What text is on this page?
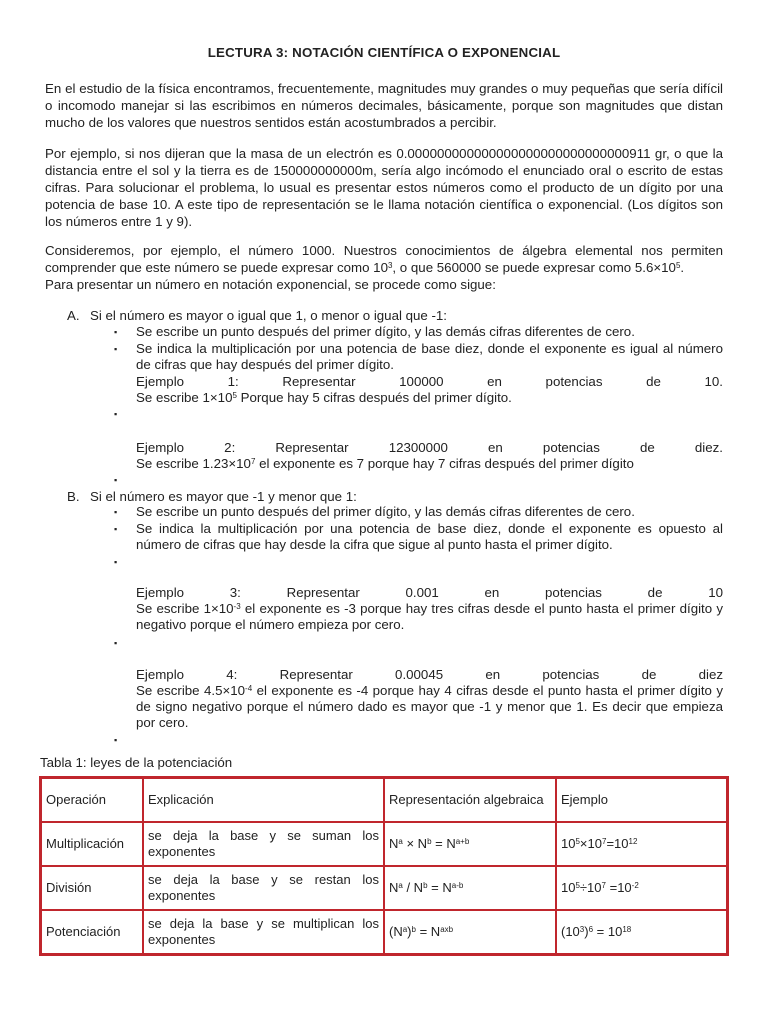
LECTURA 3: NOTACIÓN CIENTÍFICA O EXPONENCIAL

En el estudio de la física encontramos, frecuentemente, magnitudes muy grandes o muy pequeñas que sería difícil o incomodo manejar si las escribimos en números decimales, básicamente, porque son magnitudes que distan mucho de los valores que nuestros sentidos están acostumbrados a percibir.

Por ejemplo, si nos dijeran que la masa de un electrón es 0.000000000000000000000000000000911 gr, o que la distancia entre el sol y la tierra es de 150000000000m, sería algo incómodo el enunciado oral o escrito de estas cifras. Para solucionar el problema, lo usual es presentar estos números como el producto de un dígito por una potencia de base 10. A este tipo de representación se le llama notación científica o exponencial. (Los dígitos son los números entre 1 y 9).

Consideremos, por ejemplo, el número 1000. Nuestros conocimientos de álgebra elemental nos permiten comprender que este número se puede expresar como $10^3$, o que 560000 se puede expresar como $5.6\times 10^5$.
Para presentar un número en notación exponencial, se procede como sigue:

A. Si el número es mayor o igual que 1, o menor o igual que -1:
▪ Se escribe un punto después del primer dígito, y las demás cifras diferentes de cero.
▪ Se indica la multiplicación por una potencia de base diez, donde el exponente es igual al número de cifras que hay después del primer dígito.
Ejemplo 1: Representar 100000 en potencias de 10.
Se escribe $1\times 10^5$ Porque hay 5 cifras después del primer dígito.
▪
Ejemplo 2: Representar 12300000 en potencias de diez.
Se escribe $1.23\times 10^7$ el exponente es 7 porque hay 7 cifras después del primer dígito
▪
B. Si el número es mayor que -1 y menor que 1:
▪ Se escribe un punto después del primer dígito, y las demás cifras diferentes de cero.
▪ Se indica la multiplicación por una potencia de base diez, donde el exponente es opuesto al número de cifras que hay desde la cifra que sigue al punto hasta el primer dígito.
▪
Ejemplo 3: Representar 0.001 en potencias de 10
Se escribe $1\times 10^{-3}$ el exponente es -3 porque hay tres cifras desde el punto hasta el primer dígito y negativo porque el número empieza por cero.
▪
Ejemplo 4: Representar 0.00045 en potencias de diez
Se escribe $4.5\times 10^{-4}$ el exponente es -4 porque hay 4 cifras desde el punto hasta el primer dígito y de signo negativo porque el número dado es mayor que -1 y menor que 1. Es decir que empieza por cero.
▪
Tabla 1: leyes de la potenciación
Operación	Explicación	Representación algebraica	Ejemplo
Multiplicación	se deja la base y se suman los exponentes	$N^a \times N^b = N^{a+b}$	$10^5\times 10^7=10^{12}$
División	se deja la base y se restan los exponentes	$N^a / N^b = N^{a-b}$	$10^5\div 10^7 =10^{-2}$
Potenciación	se deja la base y se multiplican los exponentes	$(N^a)^b = N^{axb}$	$(10^3)^6 = 10^{18}$
